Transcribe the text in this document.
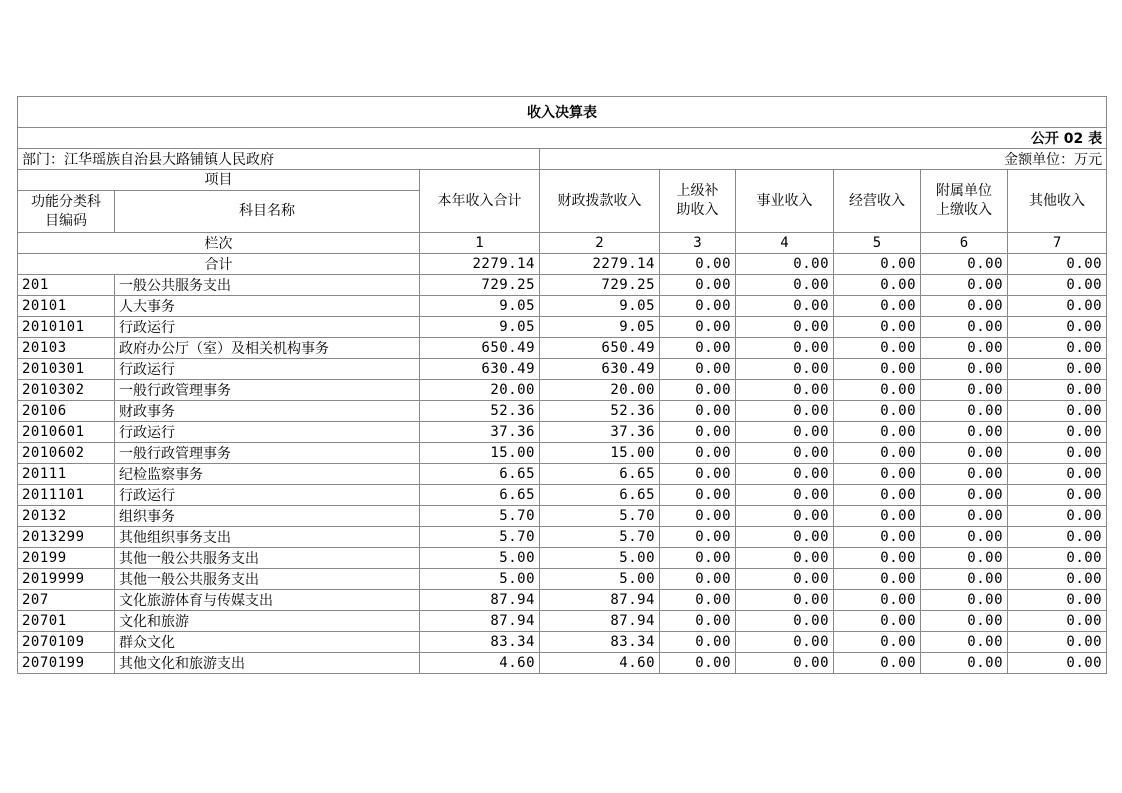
收入决算表								
公开 02 表								
部门：江华瑶族自治县大路铺镇人民政府			金额单位：万元					
项目		本年收入合计	财政拨款收入	上级补助收入	事业收入	经营收入	附属单位上缴收入	其他收入
功能分类科目编码	科目名称							
栏次		1	2	3	4	5	6	7
合计		2279.14	2279.14	0.00	0.00	0.00	0.00	0.00
201	一般公共服务支出	729.25	729.25	0.00	0.00	0.00	0.00	0.00
20101	人大事务	9.05	9.05	0.00	0.00	0.00	0.00	0.00
2010101	行政运行	9.05	9.05	0.00	0.00	0.00	0.00	0.00
20103	政府办公厅（室）及相关机构事务	650.49	650.49	0.00	0.00	0.00	0.00	0.00
2010301	行政运行	630.49	630.49	0.00	0.00	0.00	0.00	0.00
2010302	一般行政管理事务	20.00	20.00	0.00	0.00	0.00	0.00	0.00
20106	财政事务	52.36	52.36	0.00	0.00	0.00	0.00	0.00
2010601	行政运行	37.36	37.36	0.00	0.00	0.00	0.00	0.00
2010602	一般行政管理事务	15.00	15.00	0.00	0.00	0.00	0.00	0.00
20111	纪检监察事务	6.65	6.65	0.00	0.00	0.00	0.00	0.00
2011101	行政运行	6.65	6.65	0.00	0.00	0.00	0.00	0.00
20132	组织事务	5.70	5.70	0.00	0.00	0.00	0.00	0.00
2013299	其他组织事务支出	5.70	5.70	0.00	0.00	0.00	0.00	0.00
20199	其他一般公共服务支出	5.00	5.00	0.00	0.00	0.00	0.00	0.00
2019999	其他一般公共服务支出	5.00	5.00	0.00	0.00	0.00	0.00	0.00
207	文化旅游体育与传媒支出	87.94	87.94	0.00	0.00	0.00	0.00	0.00
20701	文化和旅游	87.94	87.94	0.00	0.00	0.00	0.00	0.00
2070109	群众文化	83.34	83.34	0.00	0.00	0.00	0.00	0.00
2070199	其他文化和旅游支出	4.60	4.60	0.00	0.00	0.00	0.00	0.00
